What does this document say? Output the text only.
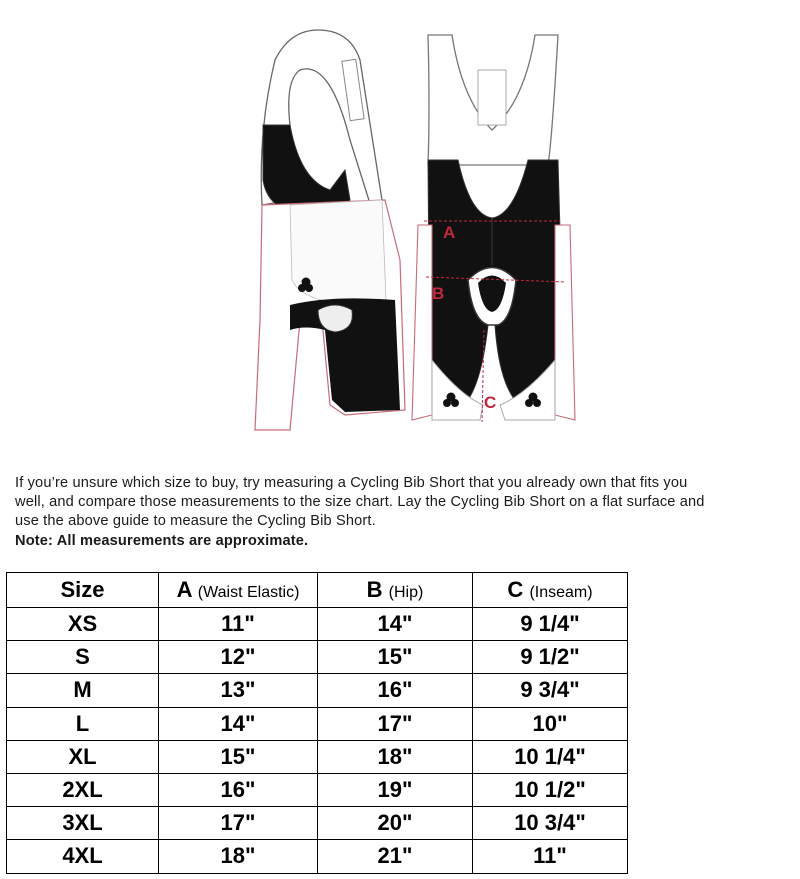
A
B
C

If you’re unsure which size to buy, try measuring a Cycling Bib Short that you already own that fits you

well, and compare those measurements to the size chart. Lay the Cycling Bib Short on a flat surface and

use the above guide to measure the Cycling Bib Short.

Note: All measurements are approximate.

Size	A (Waist Elastic)	B (Hip)	C (Inseam)
XS	11"	14"	9 1/4"
S	12"	15"	9 1/2"
M	13"	16"	9 3/4"
L	14"	17"	10"
XL	15"	18"	10 1/4"
2XL	16"	19"	10 1/2"
3XL	17"	20"	10 3/4"
4XL	18"	21"	11"
